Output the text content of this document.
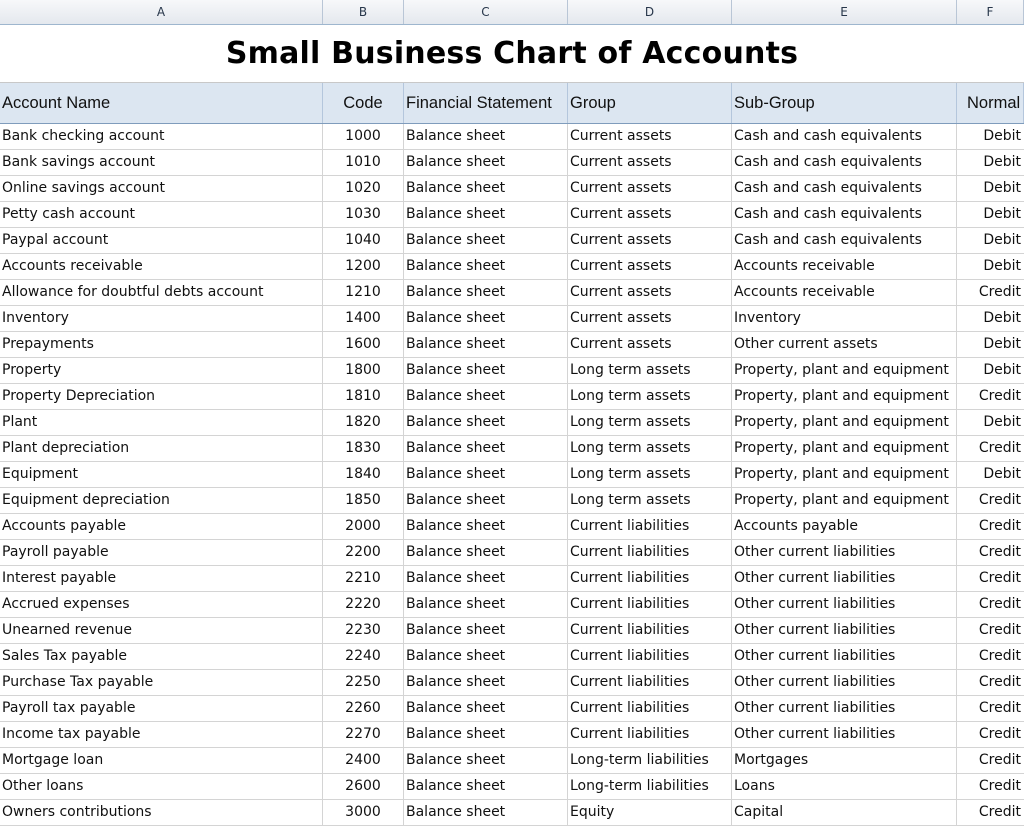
A	B	C	D	E	F
Small Business Chart of Accounts
Account Name	Code	Financial Statement	Group	Sub-Group	Normal
Bank checking account	1000	Balance sheet	Current assets	Cash and cash equivalents	Debit
Bank savings account	1010	Balance sheet	Current assets	Cash and cash equivalents	Debit
Online savings account	1020	Balance sheet	Current assets	Cash and cash equivalents	Debit
Petty cash account	1030	Balance sheet	Current assets	Cash and cash equivalents	Debit
Paypal account	1040	Balance sheet	Current assets	Cash and cash equivalents	Debit
Accounts receivable	1200	Balance sheet	Current assets	Accounts receivable	Debit
Allowance for doubtful debts account	1210	Balance sheet	Current assets	Accounts receivable	Credit
Inventory	1400	Balance sheet	Current assets	Inventory	Debit
Prepayments	1600	Balance sheet	Current assets	Other current assets	Debit
Property	1800	Balance sheet	Long term assets	Property, plant and equipment	Debit
Property Depreciation	1810	Balance sheet	Long term assets	Property, plant and equipment	Credit
Plant	1820	Balance sheet	Long term assets	Property, plant and equipment	Debit
Plant depreciation	1830	Balance sheet	Long term assets	Property, plant and equipment	Credit
Equipment	1840	Balance sheet	Long term assets	Property, plant and equipment	Debit
Equipment depreciation	1850	Balance sheet	Long term assets	Property, plant and equipment	Credit
Accounts payable	2000	Balance sheet	Current liabilities	Accounts payable	Credit
Payroll payable	2200	Balance sheet	Current liabilities	Other current liabilities	Credit
Interest payable	2210	Balance sheet	Current liabilities	Other current liabilities	Credit
Accrued expenses	2220	Balance sheet	Current liabilities	Other current liabilities	Credit
Unearned revenue	2230	Balance sheet	Current liabilities	Other current liabilities	Credit
Sales Tax payable	2240	Balance sheet	Current liabilities	Other current liabilities	Credit
Purchase Tax payable	2250	Balance sheet	Current liabilities	Other current liabilities	Credit
Payroll tax payable	2260	Balance sheet	Current liabilities	Other current liabilities	Credit
Income tax payable	2270	Balance sheet	Current liabilities	Other current liabilities	Credit
Mortgage loan	2400	Balance sheet	Long-term liabilities	Mortgages	Credit
Other loans	2600	Balance sheet	Long-term liabilities	Loans	Credit
Owners contributions	3000	Balance sheet	Equity	Capital	Credit
